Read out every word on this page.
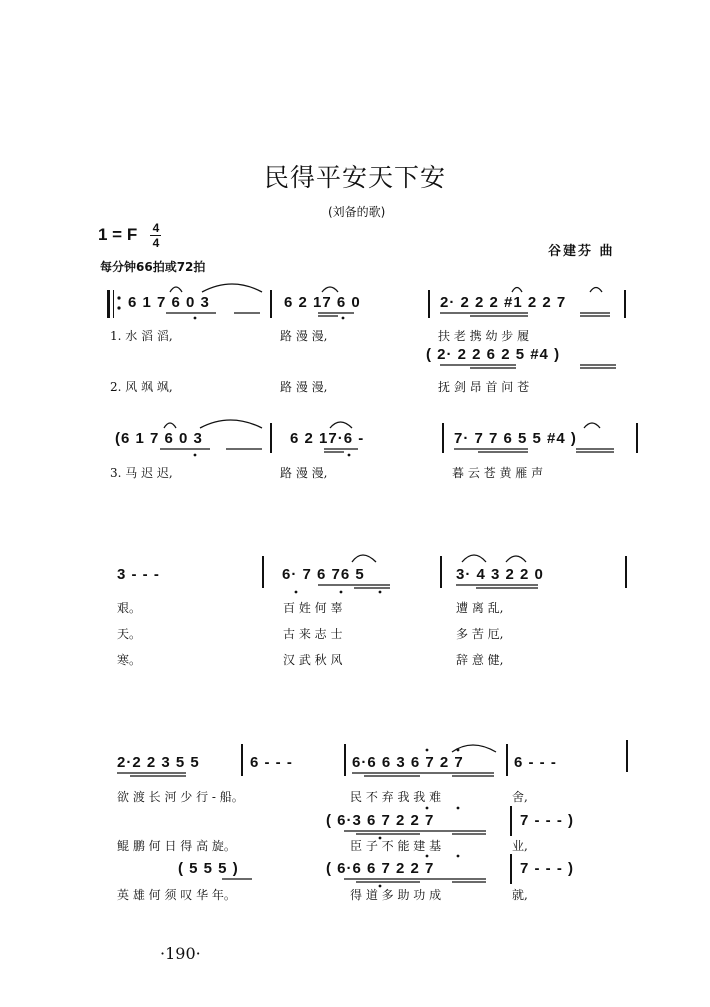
民得平安天下安
(刘备的歌)
1 = F 4
4
谷建芬 曲
每分钟66拍或72拍
6 1 7 6 0 3	6 2 17 6 0	2· 2 2 2 #1 2 2 7
1. 水 滔 滔,	路 漫 漫,	扶 老 携 幼 步 履
( 2· 2 2 6 2 5 #4 )
2. 风 飒 飒,	路 漫 漫,	抚 剑 昂 首 问 苍
(6 1 7 6 0 3	6 2 17·6 -	7· 7 7 6 5 5 #4 )
3. 马 迟 迟,	路 漫 漫,	暮 云 苍 黄 雁 声
3 - - -	6· 7 6 76 5	3· 4 3 2 2 0
艰。	百 姓 何 辜	遭 离 乱,
天。	古 来 志 士	多 苦 厄,
寒。	汉 武 秋 风	辞 意 健,
2·2 2 3 5 5	6 - - -	6·6 6 3 6 7 2 7	6 - - -
欲 渡 长 河 少 行 - 船。	民 不 弃 我 我 难	舍,
( 6·3 6 7 2 2 7	7 - - - )
鲲 鹏 何 日 得 高 旋。	臣 子 不 能 建 基	业,
( 5 5 5 )	( 6·6 6 7 2 2 7	7 - - - )
英 雄 何 须 叹 华 年。	得 道 多 助 功 成	就,
·190·
